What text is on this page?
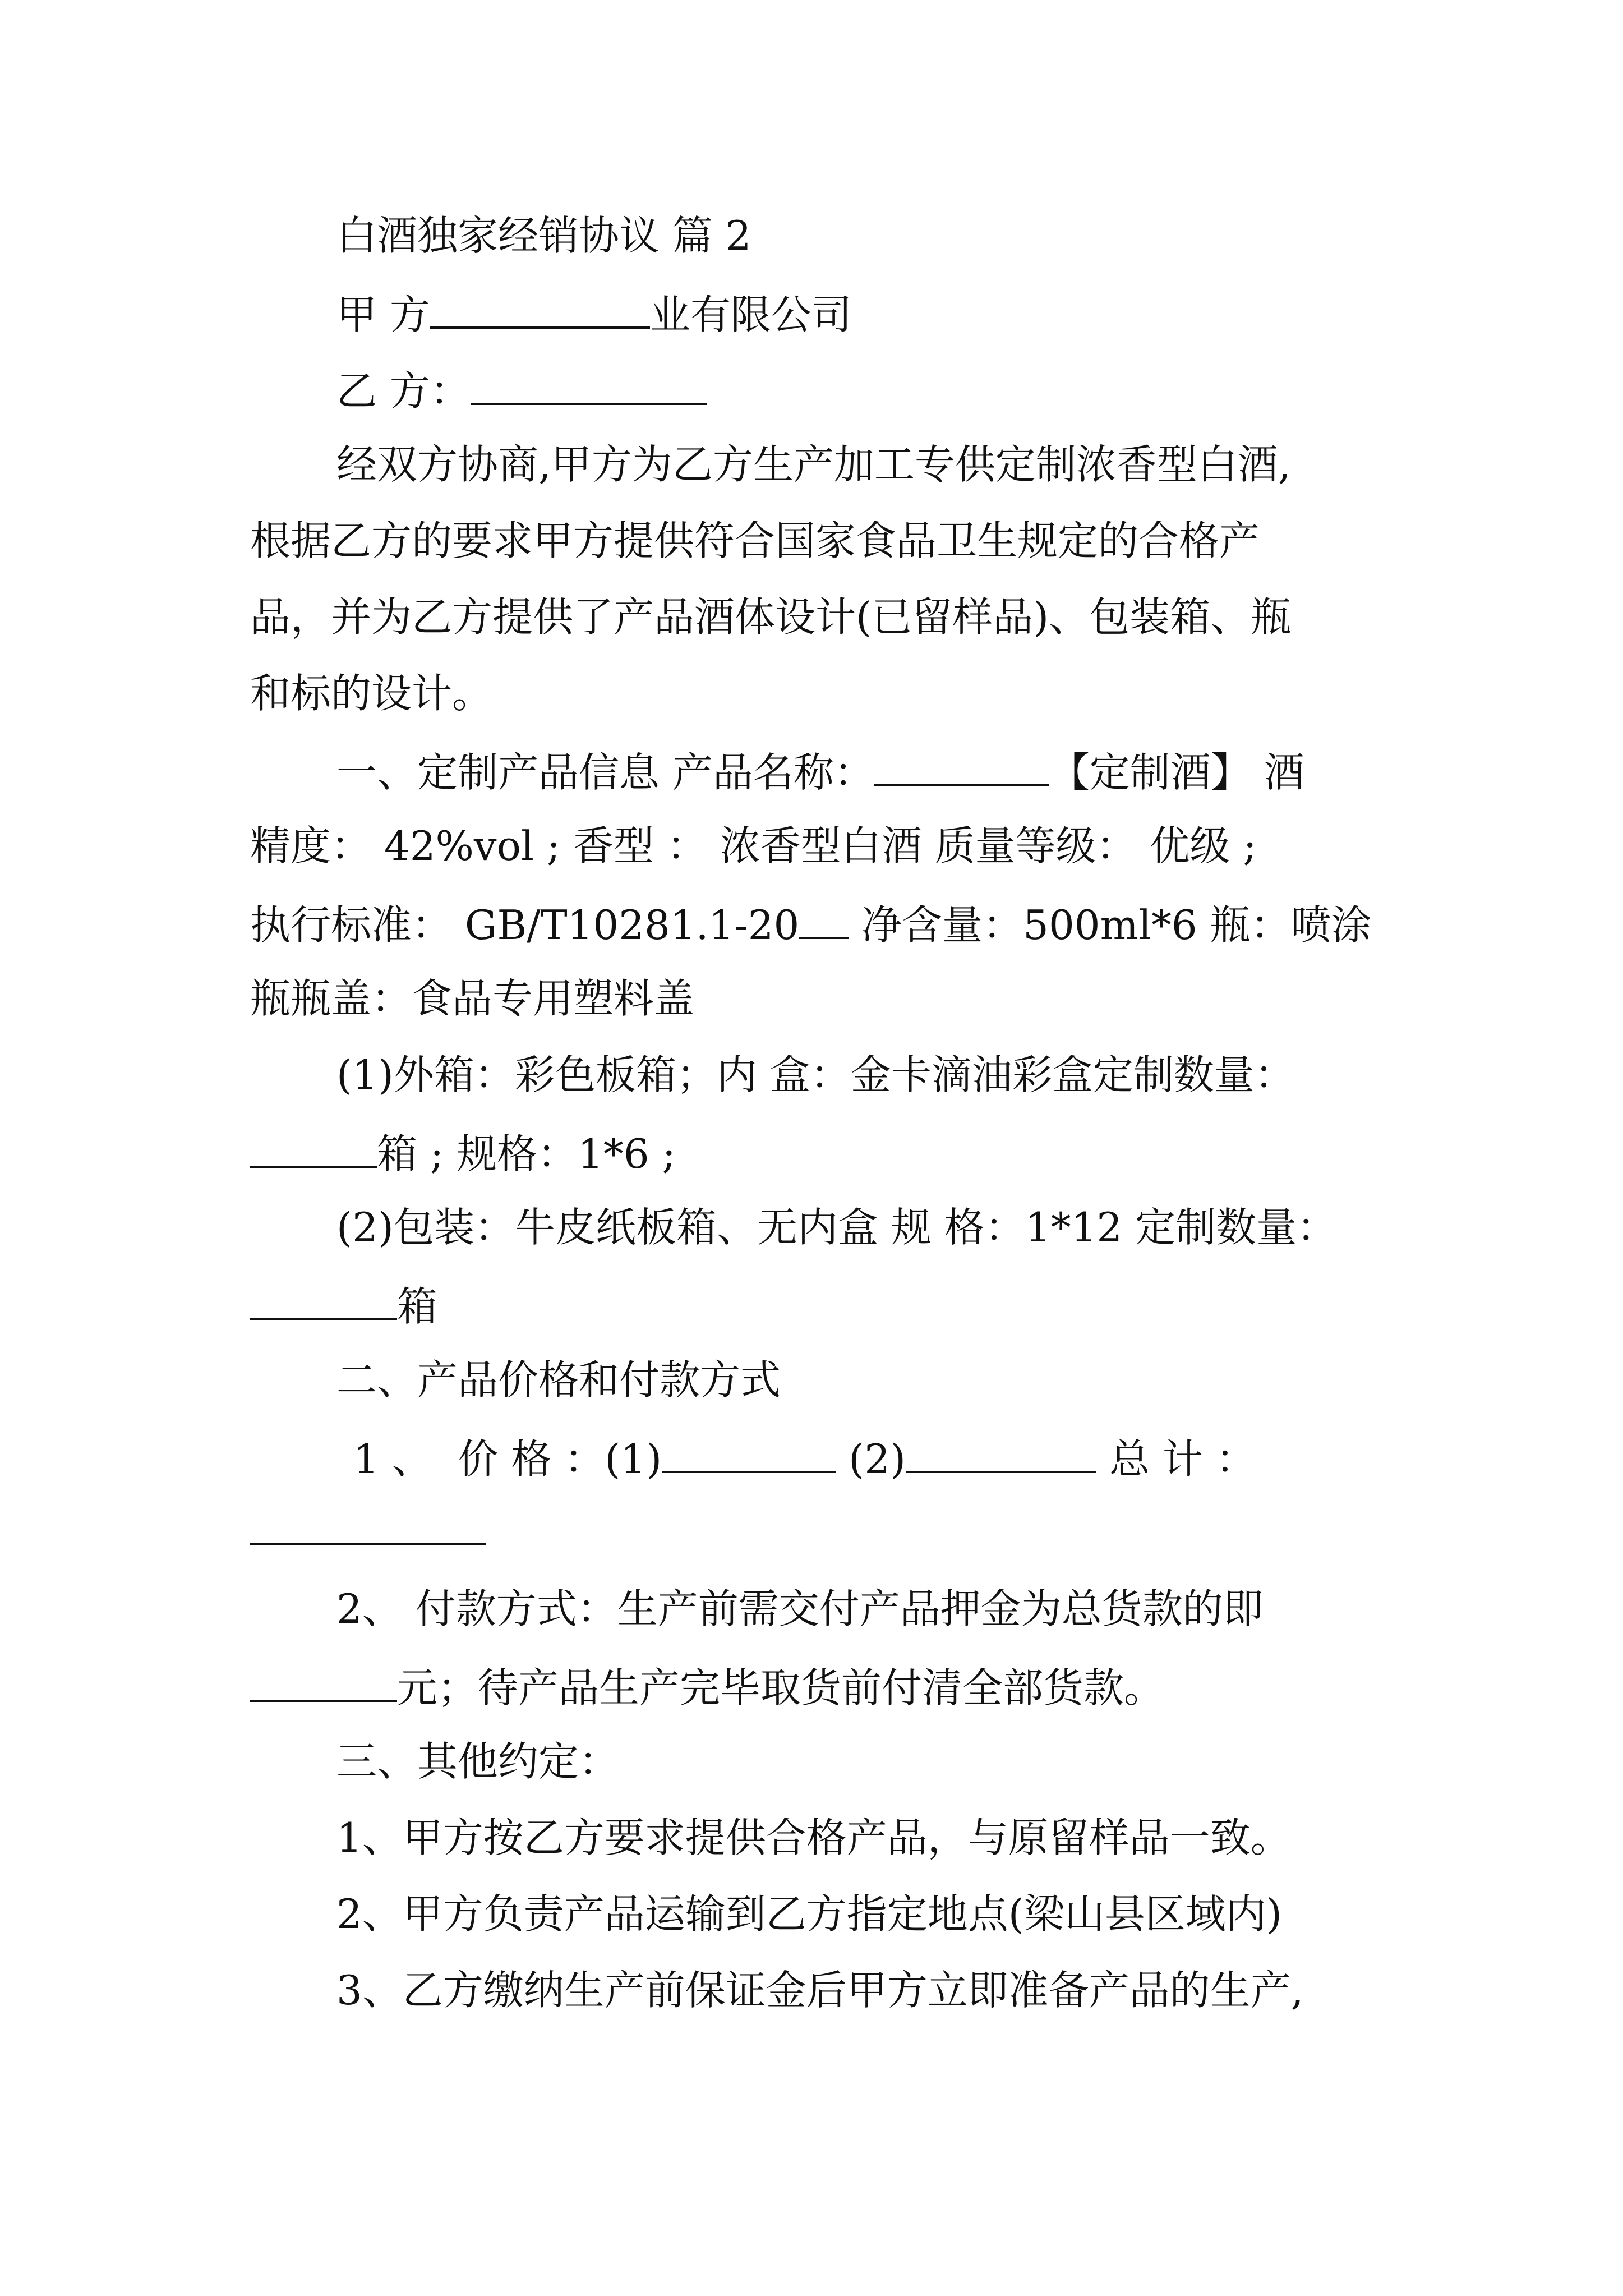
白酒独家经销协议 篇 2

甲 方	业有限公司

乙 方：

经双方协商,甲方为乙方生产加工专供定制浓香型白酒,

根据乙方的要求甲方提供符合国家食品卫生规定的合格产

品，并为乙方提供了产品酒体设计(已留样品)、包装箱、瓶

和标的设计。

一、定制产品信息 产品名称：	【定制酒】 酒

精度： 42%vol ; 香型 ： 浓香型白酒 质量等级： 优级 ;

执行标准： GB/T10281.1-20 净含量：500ml*6 瓶：喷涂

瓶瓶盖：食品专用塑料盖

(1)外箱：彩色板箱；内 盒：金卡滴油彩盒定制数量：

箱 ; 规格：1*6 ;

(2)包装：牛皮纸板箱、无内盒 规 格：1*12 定制数量：

箱

二、产品价格和付款方式

1 、  价 格 ：(1)	(2)	总 计 ：

2、 付款方式：生产前需交付产品押金为总货款的即

元；待产品生产完毕取货前付清全部货款。

三、其他约定：

1、甲方按乙方要求提供合格产品，与原留样品一致。

2、甲方负责产品运输到乙方指定地点(梁山县区域内)

3、乙方缴纳生产前保证金后甲方立即准备产品的生产,
